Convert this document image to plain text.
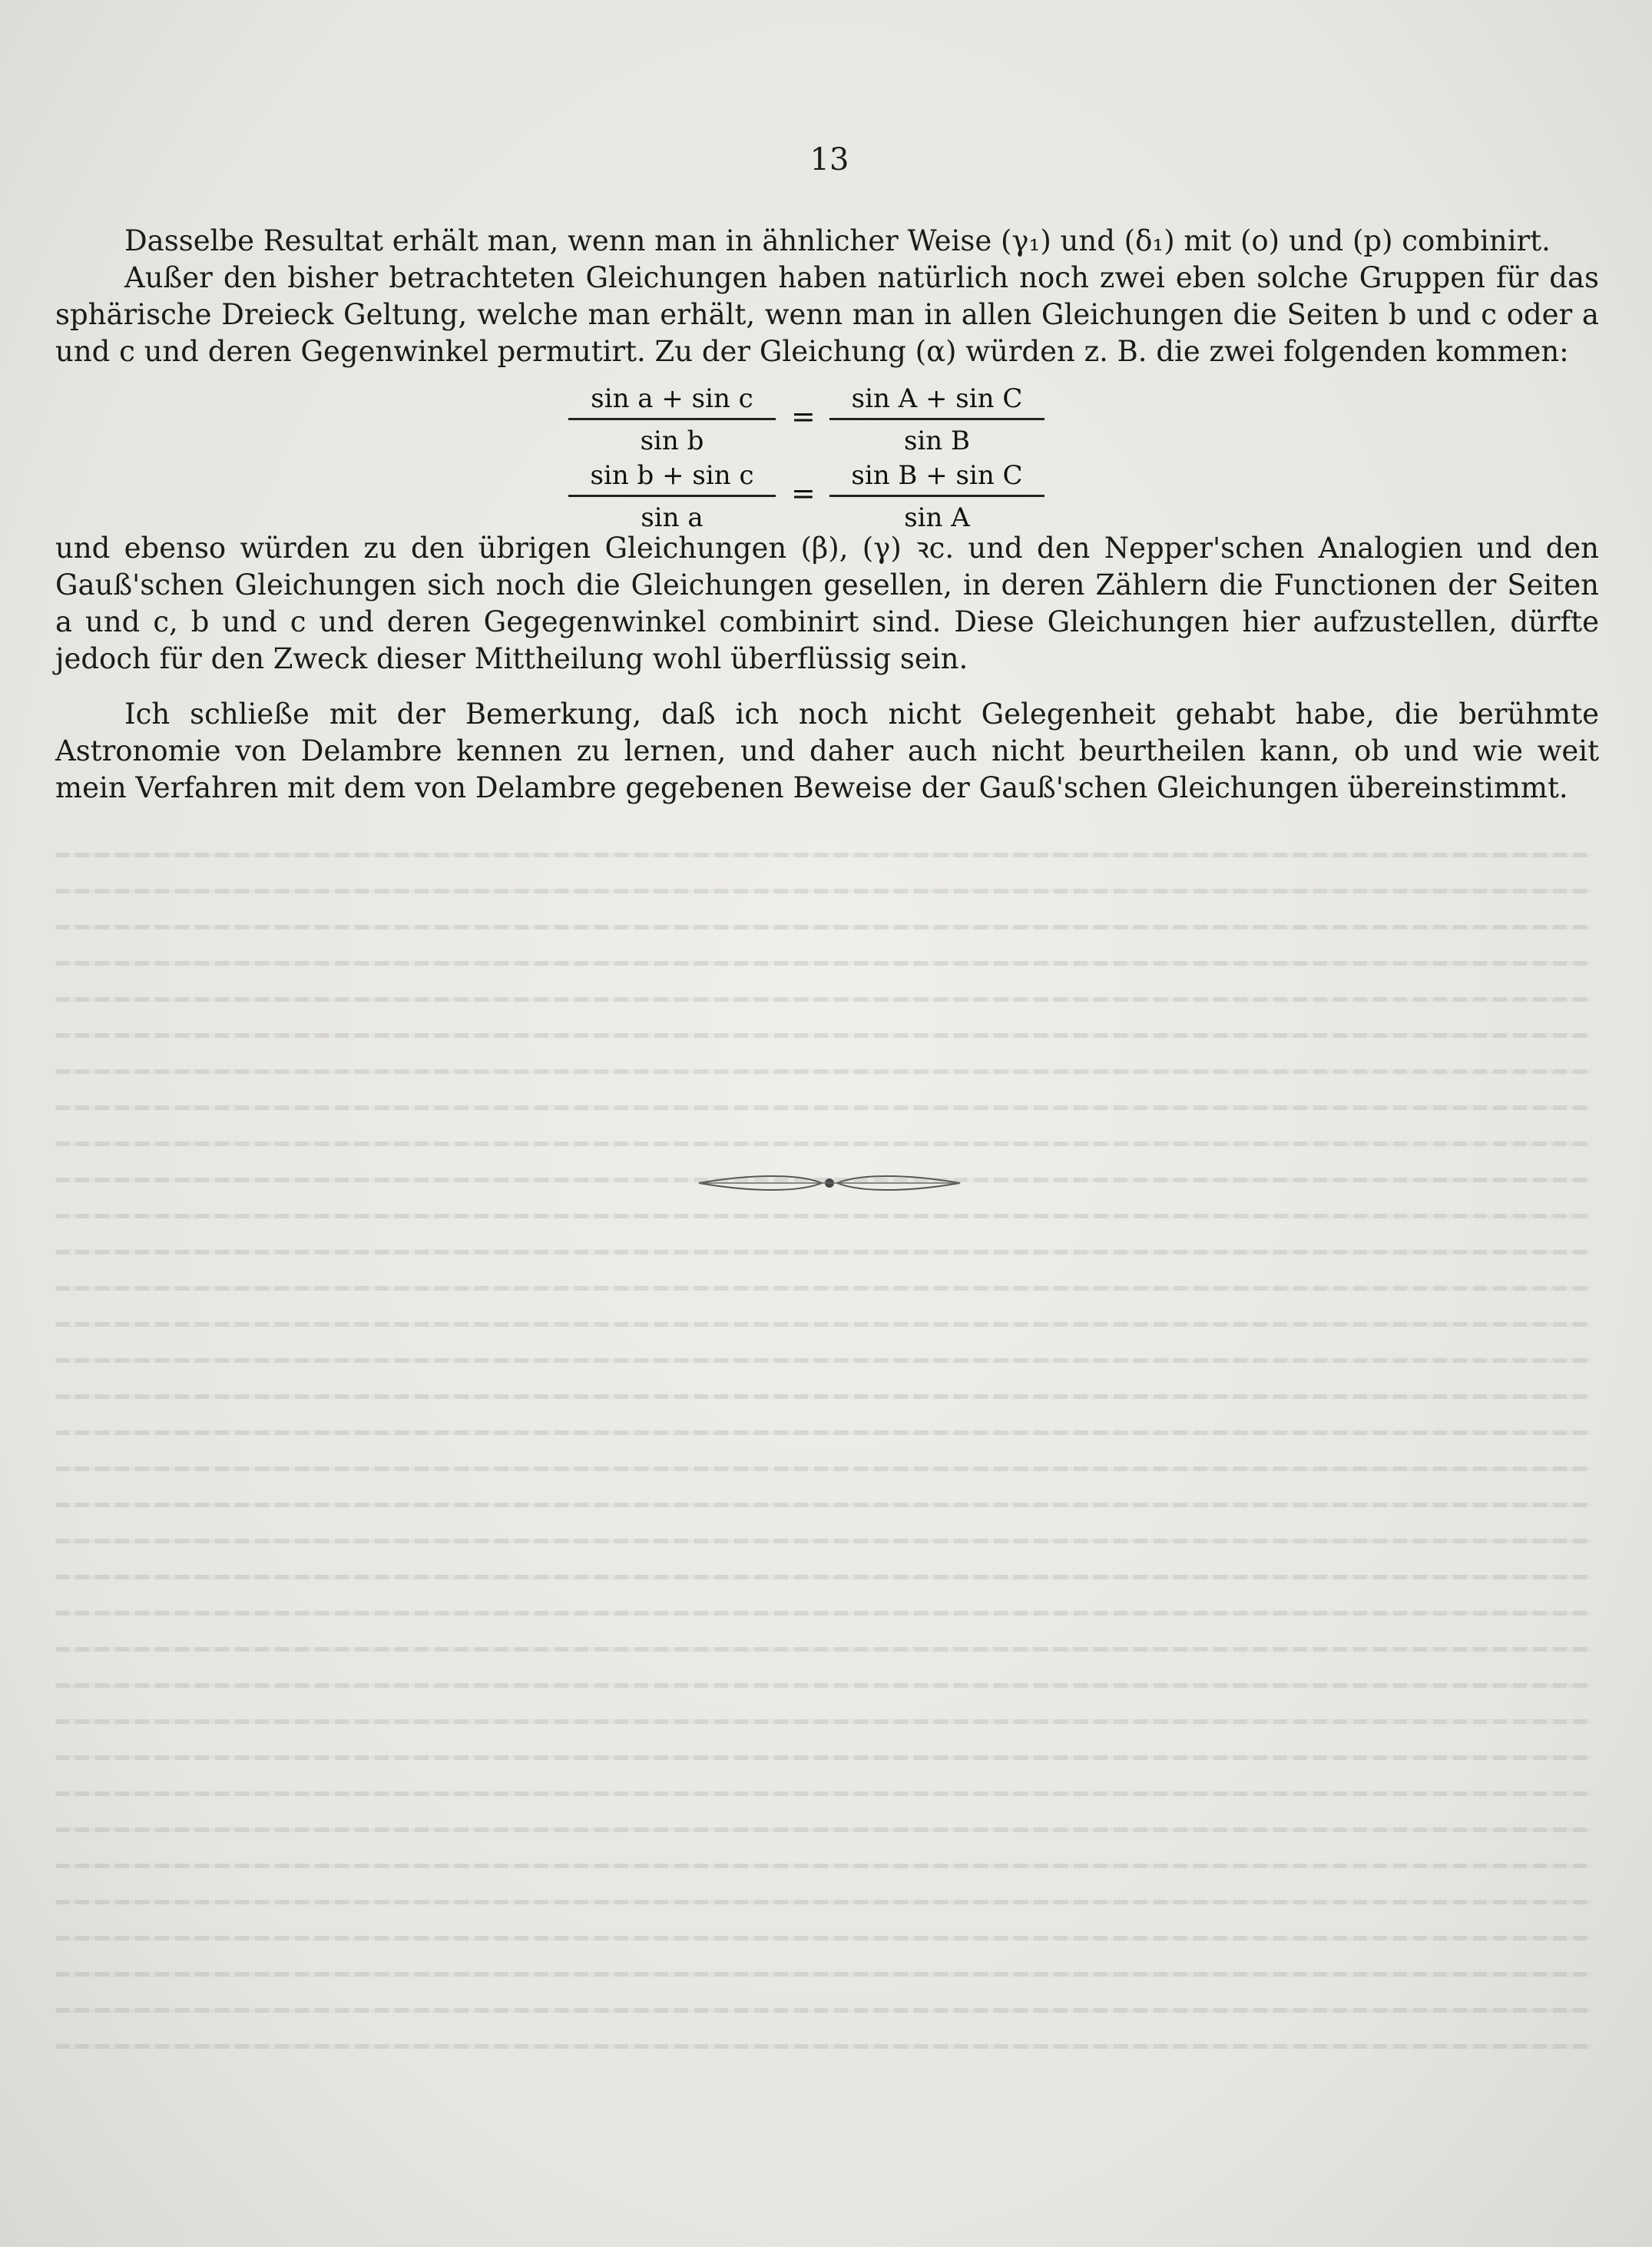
13

Dasselbe Resultat erhält man, wenn man in ähnlicher Weise (γ₁) und (δ₁) mit (o) und (p) combinirt.
Außer den bisher betrachteten Gleichungen haben natürlich noch zwei eben solche Gruppen für das sphärische Dreieck Geltung, welche man erhält, wenn man in allen Gleichungen die Seiten b und c oder a und c und deren Gegenwinkel permutirt. Zu der Gleichung (α) würden z. B. die zwei folgenden kommen:

sin a + sin c
sin b
=
sin A + sin C
sin B
sin b + sin c
sin a
=
sin B + sin C
sin A

und ebenso würden zu den übrigen Gleichungen (β), (γ) ꝛc. und den Nepper'schen Analogien und den Gauß'schen Gleichungen sich noch die Gleichungen gesellen, in deren Zählern die Functionen der Seiten a und c, b und c und deren Gegegenwinkel combinirt sind. Diese Gleichungen hier aufzustellen, dürfte jedoch für den Zweck dieser Mittheilung wohl überflüssig sein.

Ich schließe mit der Bemerkung, daß ich noch nicht Gelegenheit gehabt habe, die berühmte Astronomie von Delambre kennen zu lernen, und daher auch nicht beurtheilen kann, ob und wie weit mein Verfahren mit dem von Delambre gegebenen Beweise der Gauß'schen Gleichungen übereinstimmt.
